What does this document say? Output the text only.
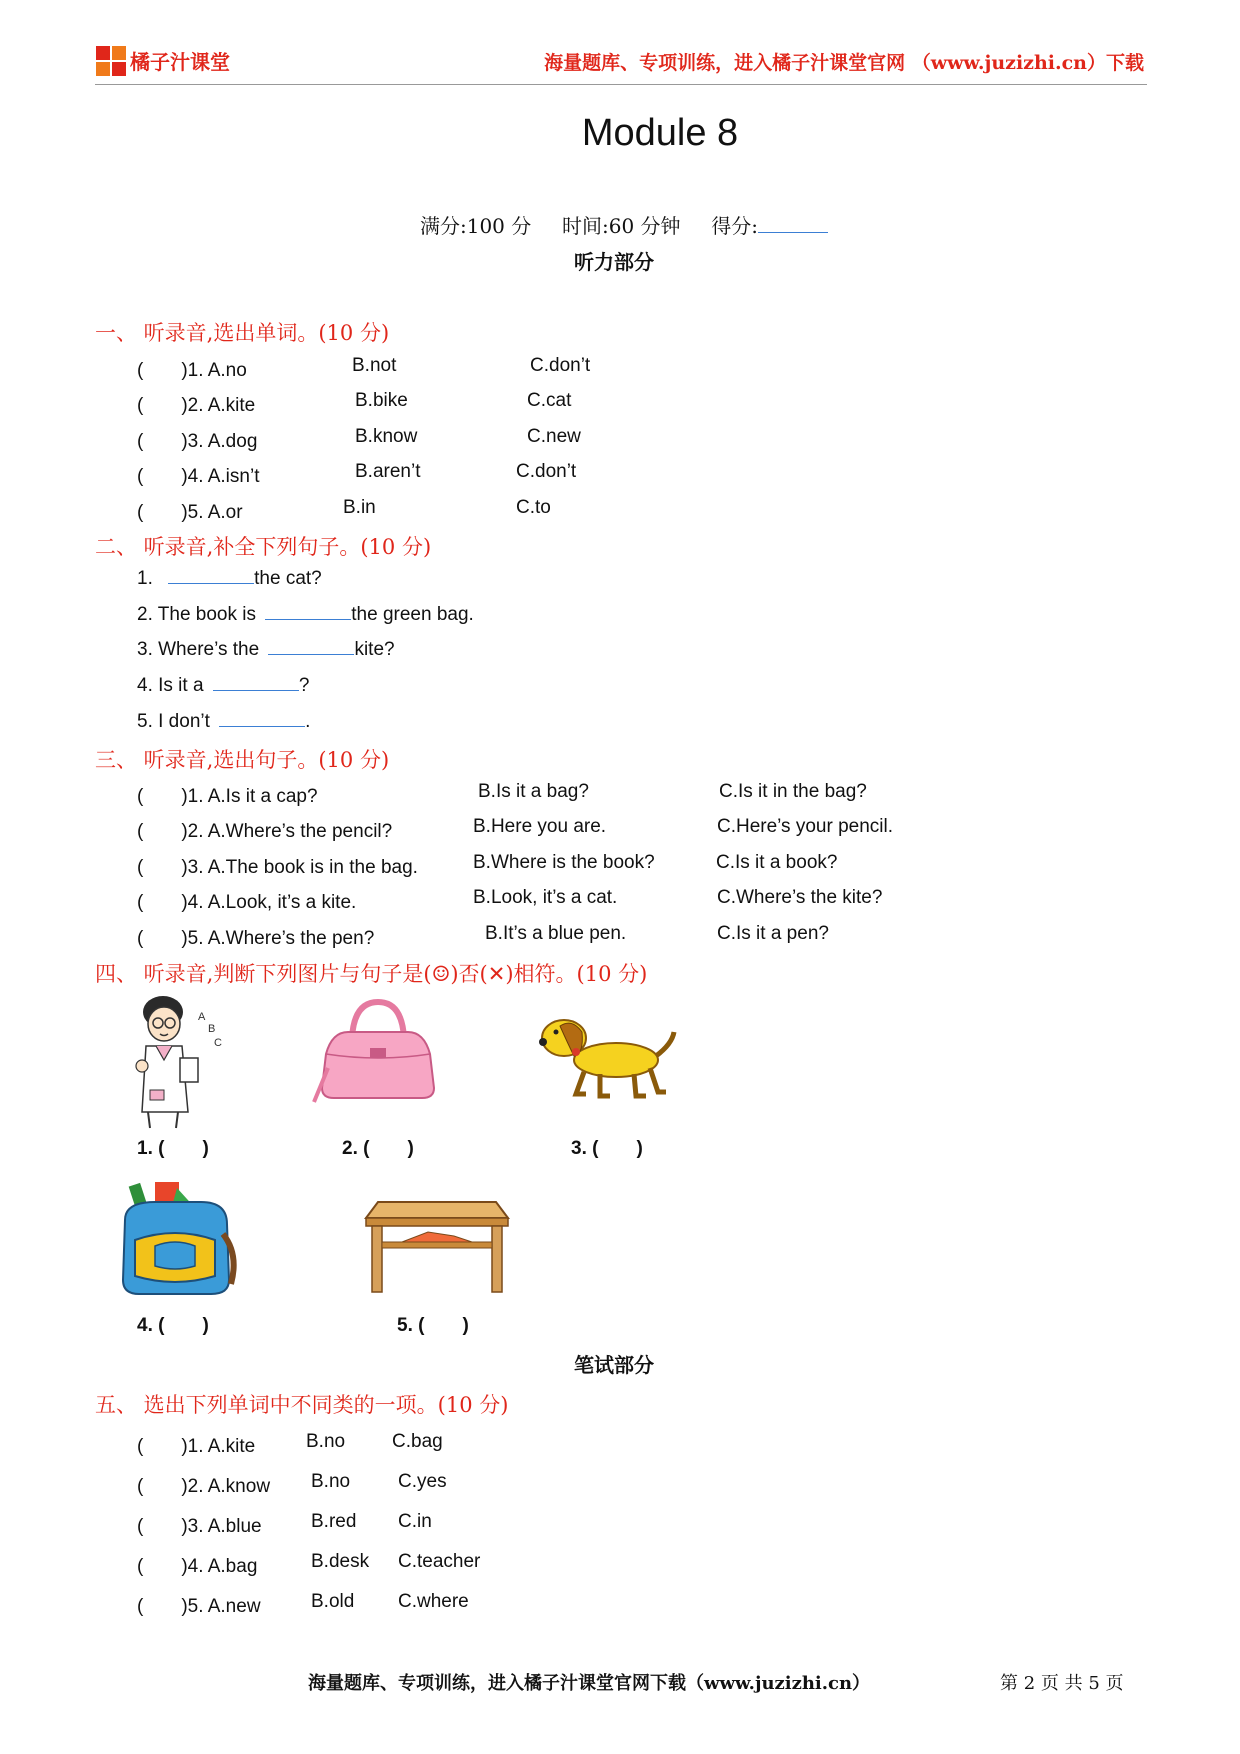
橘子汁课堂	海量题库、专项训练，进入橘子汁课堂官网 （www.juzizhi.cn）下载
Module 8
满分:100 分 时间:60 分钟 得分:
听力部分
一、 听录音,选出单词。(10 分)
(　　)1. A.no	B.not	C.don’t
(　　)2. A.kite	B.bike	C.cat
(　　)3. A.dog	B.know	C.new
(　　)4. A.isn’t	B.aren’t	C.don’t
(　　)5. A.or	B.in	C.to
二、 听录音,补全下列句子。(10 分)
1.	the cat?
2. The book is	the green bag.
3. Where’s the	kite?
4. Is it a	?
5. I don’t	.
三、 听录音,选出句子。(10 分)
(　　)1. A.Is it a cap?	B.Is it a bag?	C.Is it in the bag?
(　　)2. A.Where’s the pencil?	B.Here you are.	C.Here’s your pencil.
(　　)3. A.The book is in the bag.	B.Where is the book?	C.Is it a book?
(　　)4. A.Look, it’s a kite.	B.Look, it’s a cat.	C.Where’s the kite?
(　　)5. A.Where’s the pen?	B.It’s a blue pen.	C.Is it a pen?
四、 听录音,判断下列图片与句子是(☺)否(✕)相符。(10 分)
A
B
C
1. (　　)	2. (　　)	3. (　　)
4. (　　)	5. (　　)
笔试部分
五、 选出下列单词中不同类的一项。(10 分)
(　　)1. A.kite	B.no C.bag
(　　)2. A.know B.no	C.yes
(　　)3. A.blue	B.red C.in
(　　)4. A.bag	B.desk C.teacher
(　　)5. A.new	B.old C.where
海量题库、专项训练，进入橘子汁课堂官网下载（www.juzizhi.cn）	第 2 页 共 5 页
